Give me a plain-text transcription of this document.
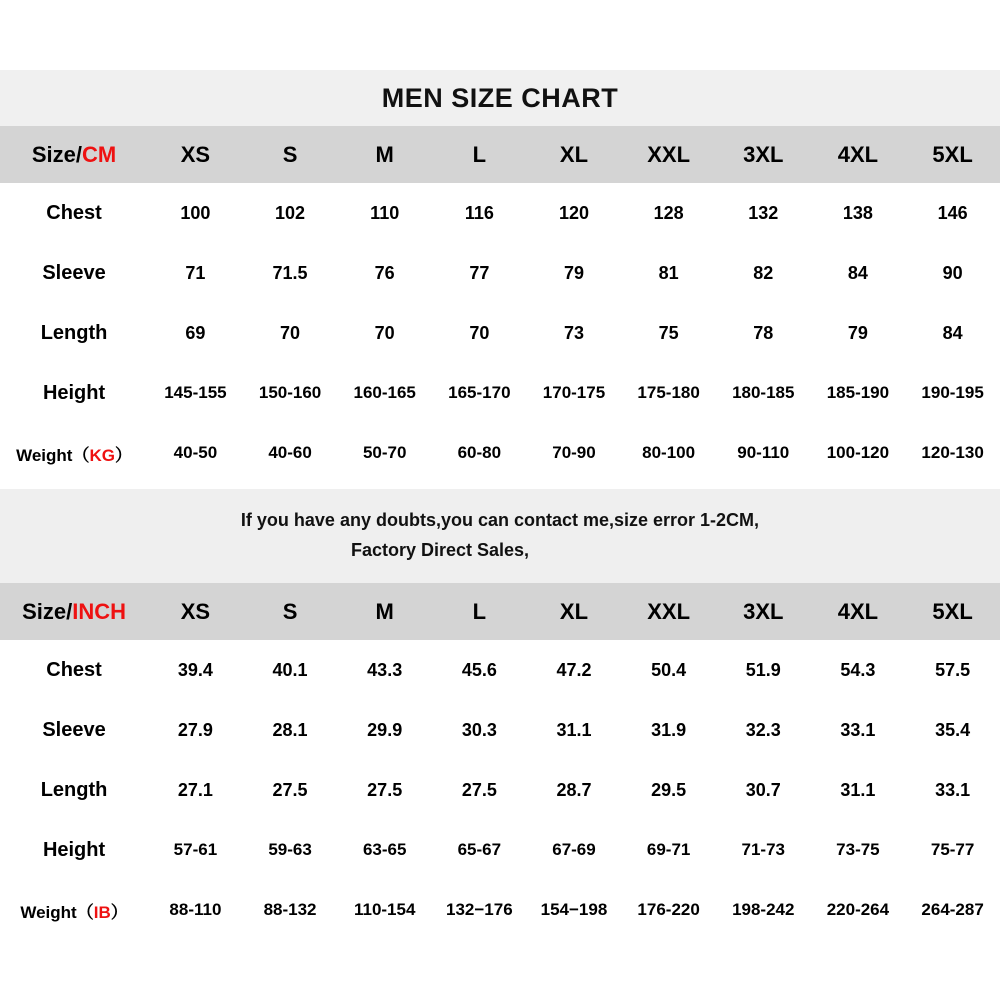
MEN SIZE CHART
Size/CM	XS	S	M	L	XL	XXL	3XL	4XL	5XL
Chest	100	102	110	116	120	128	132	138	146
Sleeve	71	71.5	76	77	79	81	82	84	90
Length	69	70	70	70	73	75	78	79	84
Height	145-155	150-160	160-165	165-170	170-175	175-180	180-185	185-190	190-195
Weight（KG）	40-50	40-60	50-70	60-80	70-90	80-100	90-110	100-120	120-130
If you have any doubts,you can contact me,size error 1-2CM,
Factory Direct Sales,
Size/INCH	XS	S	M	L	XL	XXL	3XL	4XL	5XL
Chest	39.4	40.1	43.3	45.6	47.2	50.4	51.9	54.3	57.5
Sleeve	27.9	28.1	29.9	30.3	31.1	31.9	32.3	33.1	35.4
Length	27.1	27.5	27.5	27.5	28.7	29.5	30.7	31.1	33.1
Height	57-61	59-63	63-65	65-67	67-69	69-71	71-73	73-75	75-77
Weight（IB）	88-110	88-132	110-154	132−176	154−198	176-220	198-242	220-264	264-287
